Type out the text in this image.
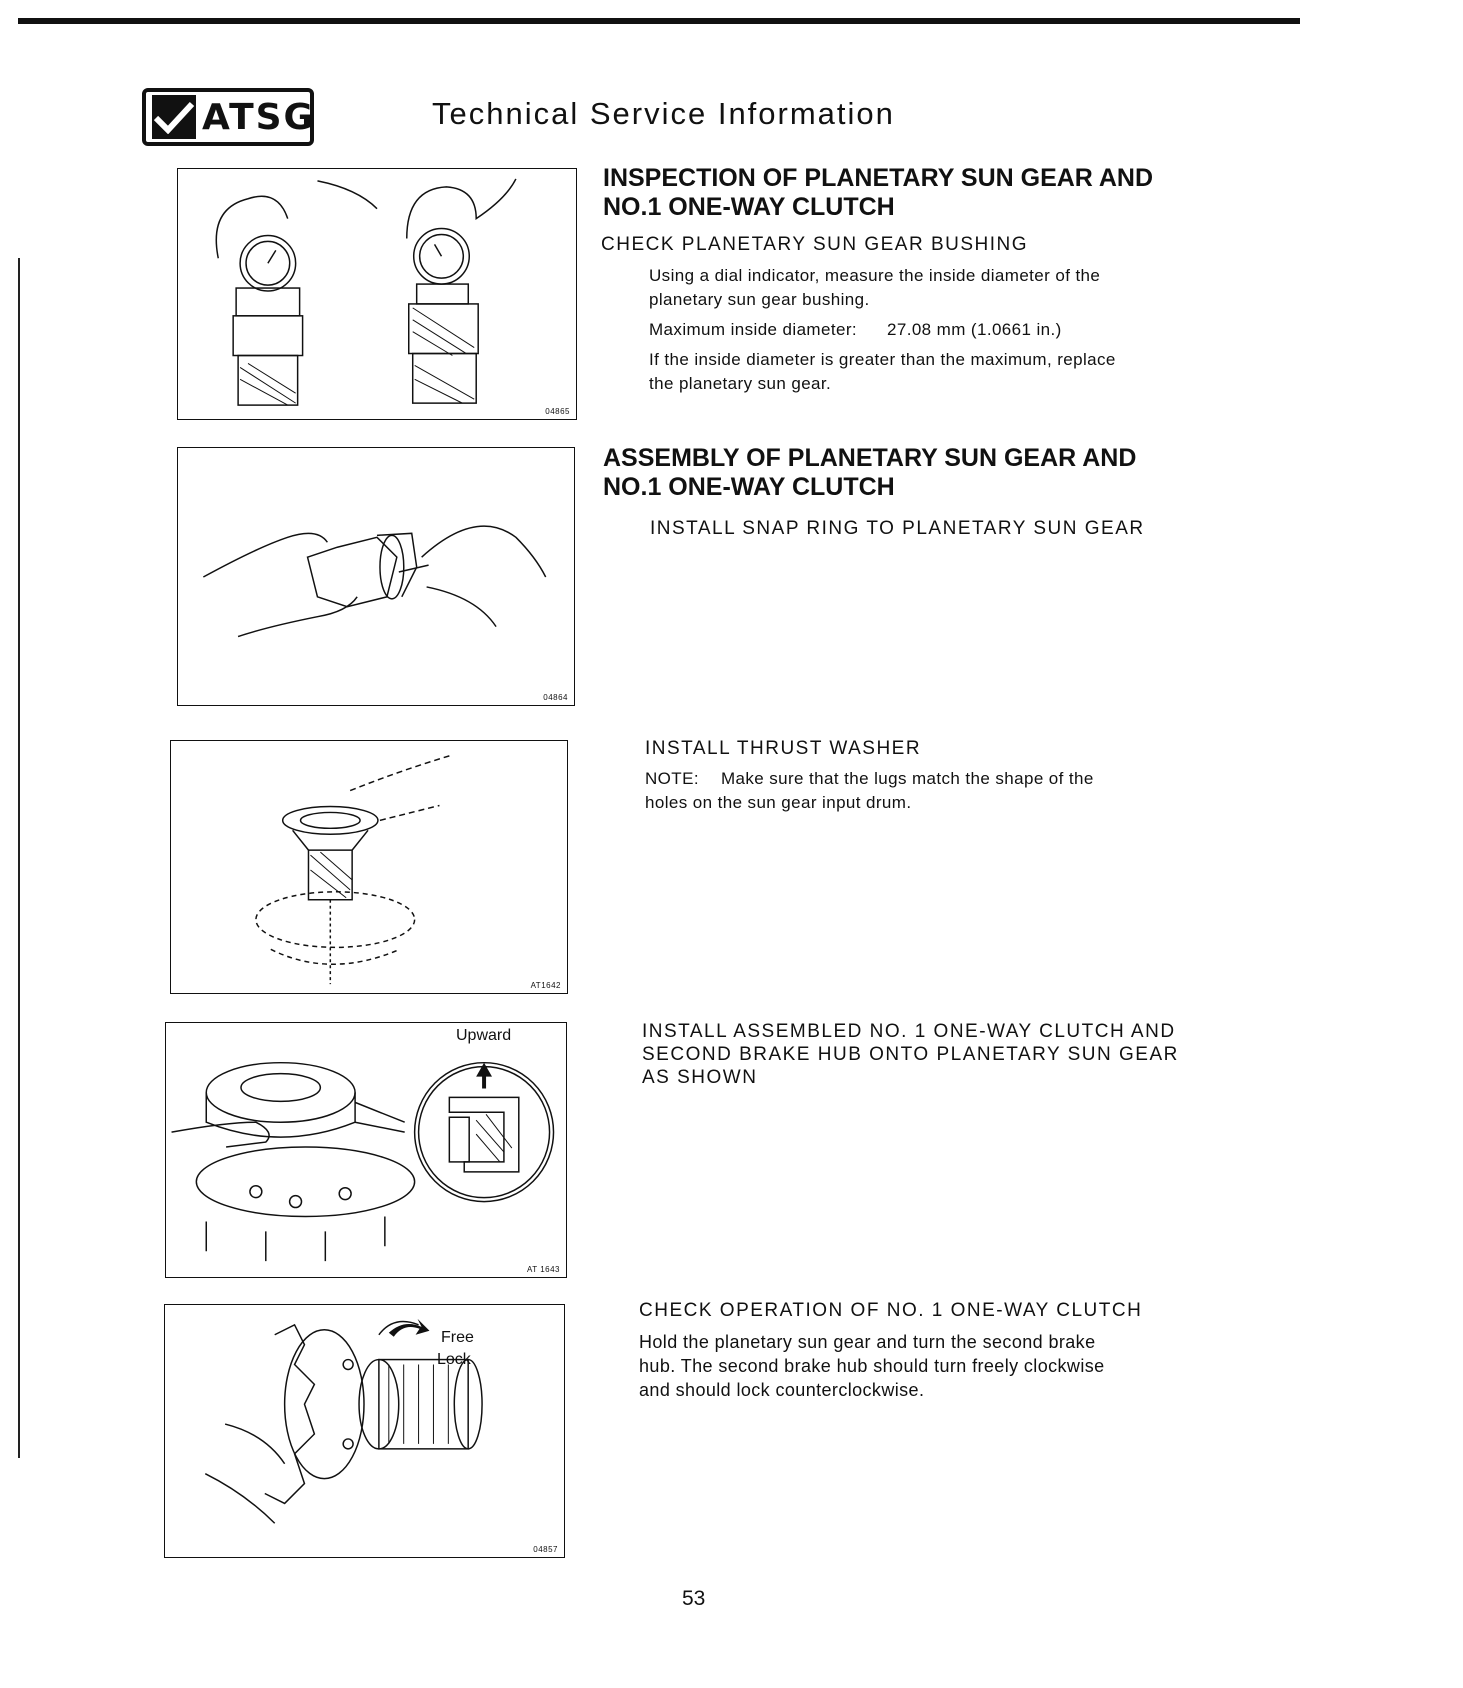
ATSG	Technical Service Information
04865
INSPECTION OF PLANETARY SUN GEAR AND
NO.1 ONE-WAY CLUTCH
CHECK PLANETARY SUN GEAR BUSHING
Using a dial indicator, measure the inside diameter of the
planetary sun gear bushing.
Maximum inside diameter: 27.08 mm (1.0661 in.)
If the inside diameter is greater than the maximum, replace
the planetary sun gear.
04864
ASSEMBLY OF PLANETARY SUN GEAR AND
NO.1 ONE-WAY CLUTCH
INSTALL SNAP RING TO PLANETARY SUN GEAR
AT1642
INSTALL THRUST WASHER
NOTE: Make sure that the lugs match the shape of the
holes on the sun gear input drum.
Upward
AT 1643
INSTALL ASSEMBLED NO. 1 ONE-WAY CLUTCH AND
SECOND BRAKE HUB ONTO PLANETARY SUN GEAR
AS SHOWN
Free
Lock
04857
CHECK OPERATION OF NO. 1 ONE-WAY CLUTCH
Hold the planetary sun gear and turn the second brake
hub. The second brake hub should turn freely clockwise
and should lock counterclockwise.
53
